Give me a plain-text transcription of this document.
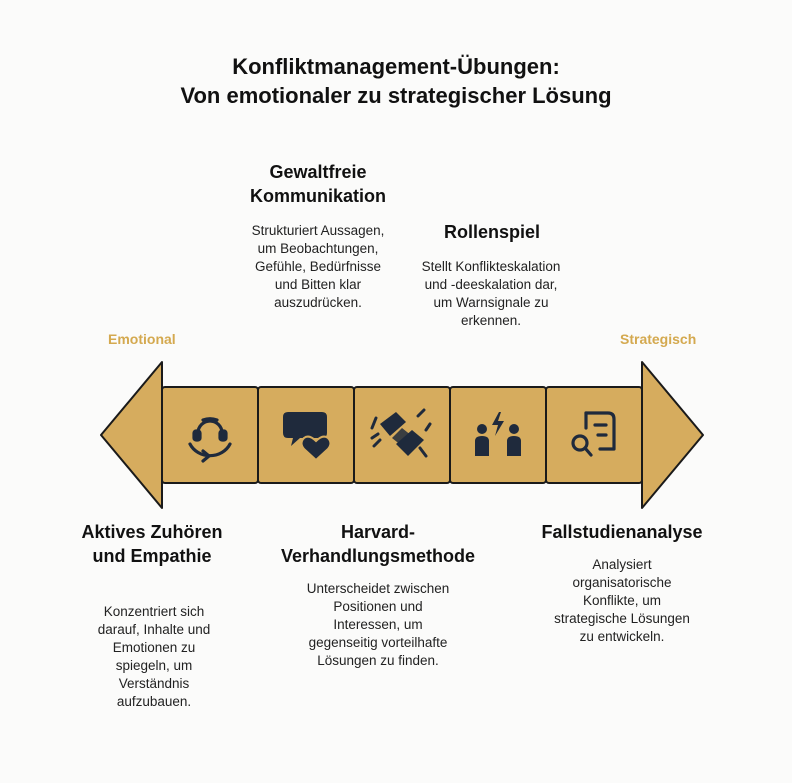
Konfliktmanagement-Übungen:
Von emotionaler zu strategischer Lösung
Emotional	Strategisch
Gewaltfreie Kommunikation
Strukturiert Aussagen, um Beobachtungen, Gefühle, Bedürfnisse und Bitten klar auszudrücken.
Rollenspiel
Stellt Konflikteskalation und -deeskalation dar, um Warnsignale zu erkennen.
Aktives Zuhören und Empathie
Konzentriert sich darauf, Inhalte und Emotionen zu spiegeln, um Verständnis aufzubauen.
Harvard-Verhandlungsmethode
Unterscheidet zwischen Positionen und Interessen, um gegenseitig vorteilhafte Lösungen zu finden.
Fallstudienanalyse
Analysiert organisatorische Konflikte, um strategische Lösungen zu entwickeln.
